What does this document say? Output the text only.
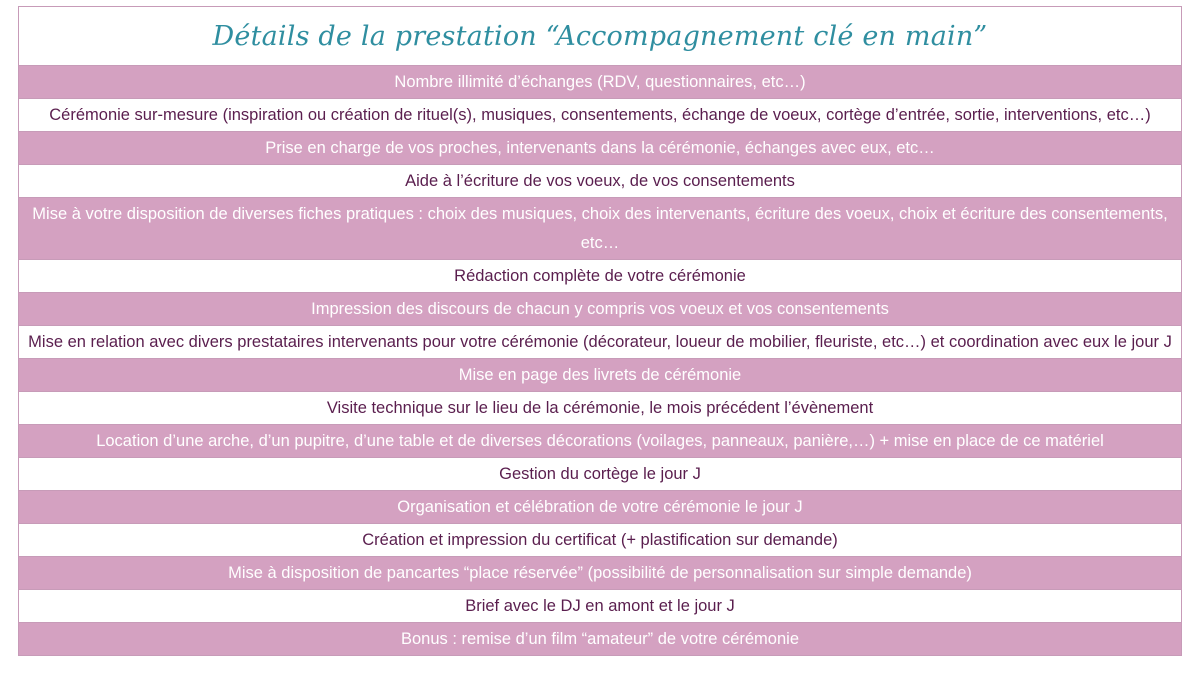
Détails de la prestation “Accompagnement clé en main”
Nombre illimité d’échanges (RDV, questionnaires, etc…)
Cérémonie sur-mesure (inspiration ou création de rituel(s), musiques, consentements, échange de voeux, cortège d’entrée, sortie, interventions, etc…)
Prise en charge de vos proches, intervenants dans la cérémonie, échanges avec eux, etc…
Aide à l’écriture de vos voeux, de vos consentements
Mise à votre disposition de diverses fiches pratiques : choix des musiques, choix des intervenants, écriture des voeux, choix et écriture des consentements, etc…
Rédaction complète de votre cérémonie
Impression des discours de chacun y compris vos voeux et vos consentements
Mise en relation avec divers prestataires intervenants pour votre cérémonie (décorateur, loueur de mobilier, fleuriste, etc…) et coordination avec eux le jour J
Mise en page des livrets de cérémonie
Visite technique sur le lieu de la cérémonie, le mois précédent l’évènement
Location d’une arche, d’un pupitre, d’une table et de diverses décorations (voilages, panneaux, panière,…) + mise en place de ce matériel
Gestion du cortège le jour J
Organisation et célébration de votre cérémonie le jour J
Création et impression du certificat (+ plastification sur demande)
Mise à disposition de pancartes “place réservée” (possibilité de personnalisation sur simple demande)
Brief avec le DJ en amont et le jour J
Bonus : remise d’un film “amateur” de votre cérémonie
